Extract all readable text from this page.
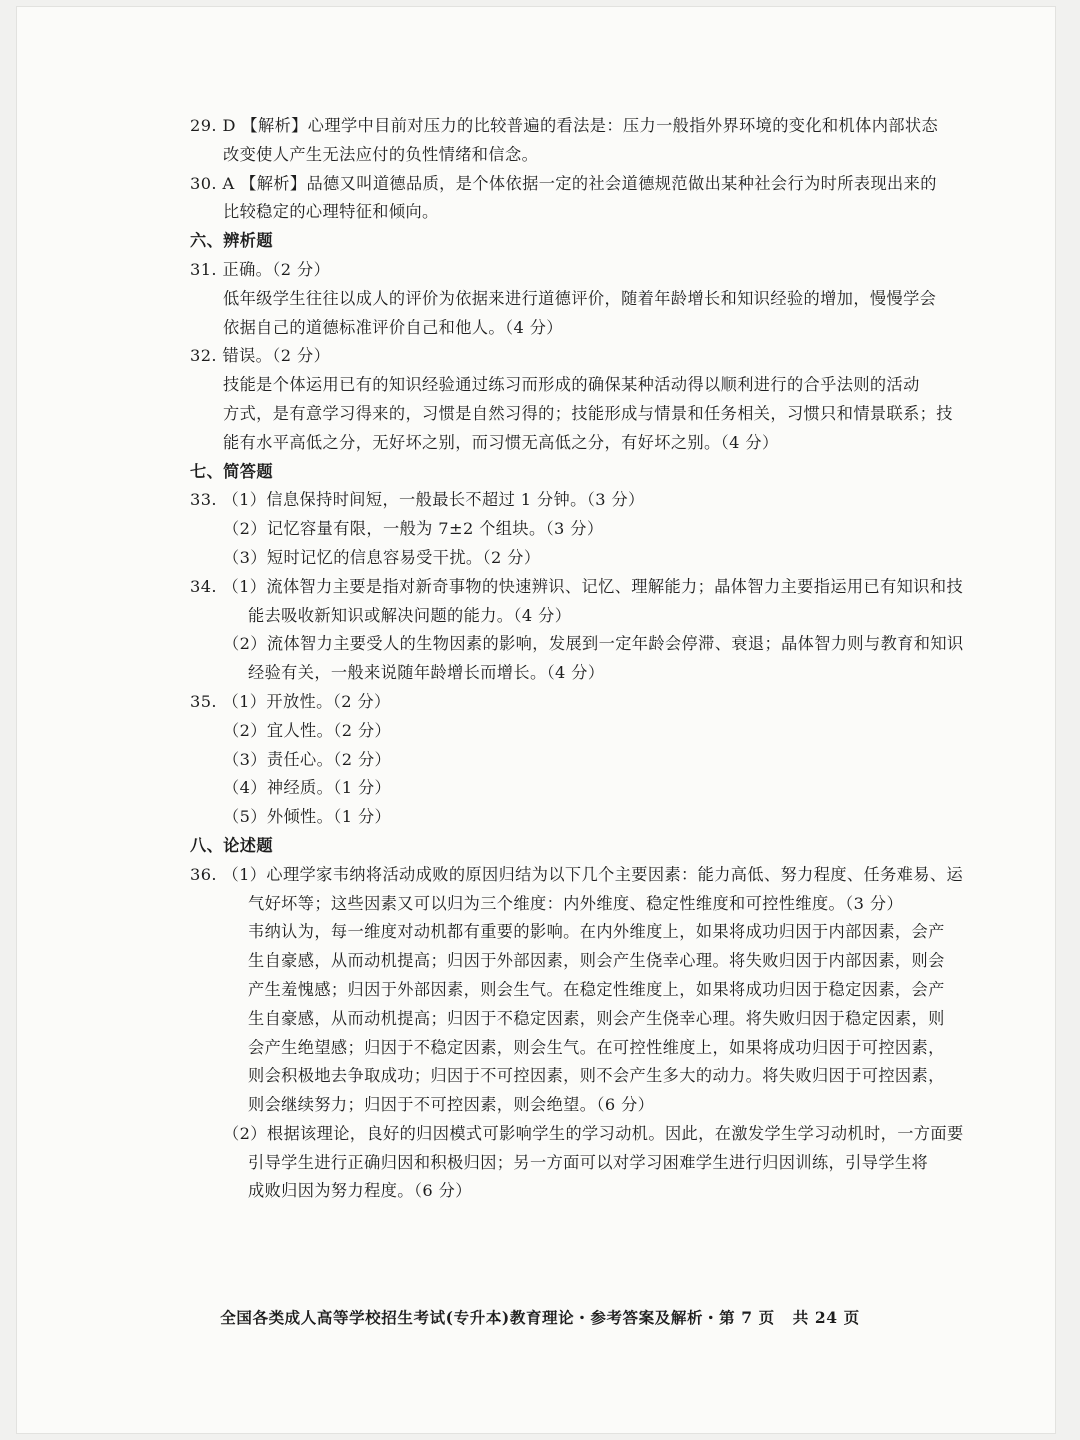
29. D 【解析】心理学中目前对压力的比较普遍的看法是：压力一般指外界环境的变化和机体内部状态
改变使人产生无法应付的负性情绪和信念。
30. A 【解析】品德又叫道德品质，是个体依据一定的社会道德规范做出某种社会行为时所表现出来的
比较稳定的心理特征和倾向。
六、辨析题
31. 正确。（2 分）
低年级学生往往以成人的评价为依据来进行道德评价，随着年龄增长和知识经验的增加，慢慢学会
依据自己的道德标准评价自己和他人。（4 分）
32. 错误。（2 分）
技能是个体运用已有的知识经验通过练习而形成的确保某种活动得以顺利进行的合乎法则的活动
方式，是有意学习得来的，习惯是自然习得的；技能形成与情景和任务相关，习惯只和情景联系；技
能有水平高低之分，无好坏之别，而习惯无高低之分，有好坏之别。（4 分）
七、简答题
33. （1）信息保持时间短，一般最长不超过 1 分钟。（3 分）
（2）记忆容量有限，一般为 7±2 个组块。（3 分）
（3）短时记忆的信息容易受干扰。（2 分）
34. （1）流体智力主要是指对新奇事物的快速辨识、记忆、理解能力；晶体智力主要指运用已有知识和技
能去吸收新知识或解决问题的能力。（4 分）
（2）流体智力主要受人的生物因素的影响，发展到一定年龄会停滞、衰退；晶体智力则与教育和知识
经验有关，一般来说随年龄增长而增长。（4 分）
35. （1）开放性。（2 分）
（2）宜人性。（2 分）
（3）责任心。（2 分）
（4）神经质。（1 分）
（5）外倾性。（1 分）
八、论述题
36. （1）心理学家韦纳将活动成败的原因归结为以下几个主要因素：能力高低、努力程度、任务难易、运
气好坏等；这些因素又可以归为三个维度：内外维度、稳定性维度和可控性维度。（3 分）
韦纳认为，每一维度对动机都有重要的影响。在内外维度上，如果将成功归因于内部因素，会产
生自豪感，从而动机提高；归因于外部因素，则会产生侥幸心理。将失败归因于内部因素，则会
产生羞愧感；归因于外部因素，则会生气。在稳定性维度上，如果将成功归因于稳定因素，会产
生自豪感，从而动机提高；归因于不稳定因素，则会产生侥幸心理。将失败归因于稳定因素，则
会产生绝望感；归因于不稳定因素，则会生气。在可控性维度上，如果将成功归因于可控因素，
则会积极地去争取成功；归因于不可控因素，则不会产生多大的动力。将失败归因于可控因素，
则会继续努力；归因于不可控因素，则会绝望。（6 分）
（2）根据该理论，良好的归因模式可影响学生的学习动机。因此，在激发学生学习动机时，一方面要
引导学生进行正确归因和积极归因；另一方面可以对学习困难学生进行归因训练，引导学生将
成败归因为努力程度。（6 分）
全国各类成人高等学校招生考试(专升本)教育理论・参考答案及解析・第 7 页 共 24 页
